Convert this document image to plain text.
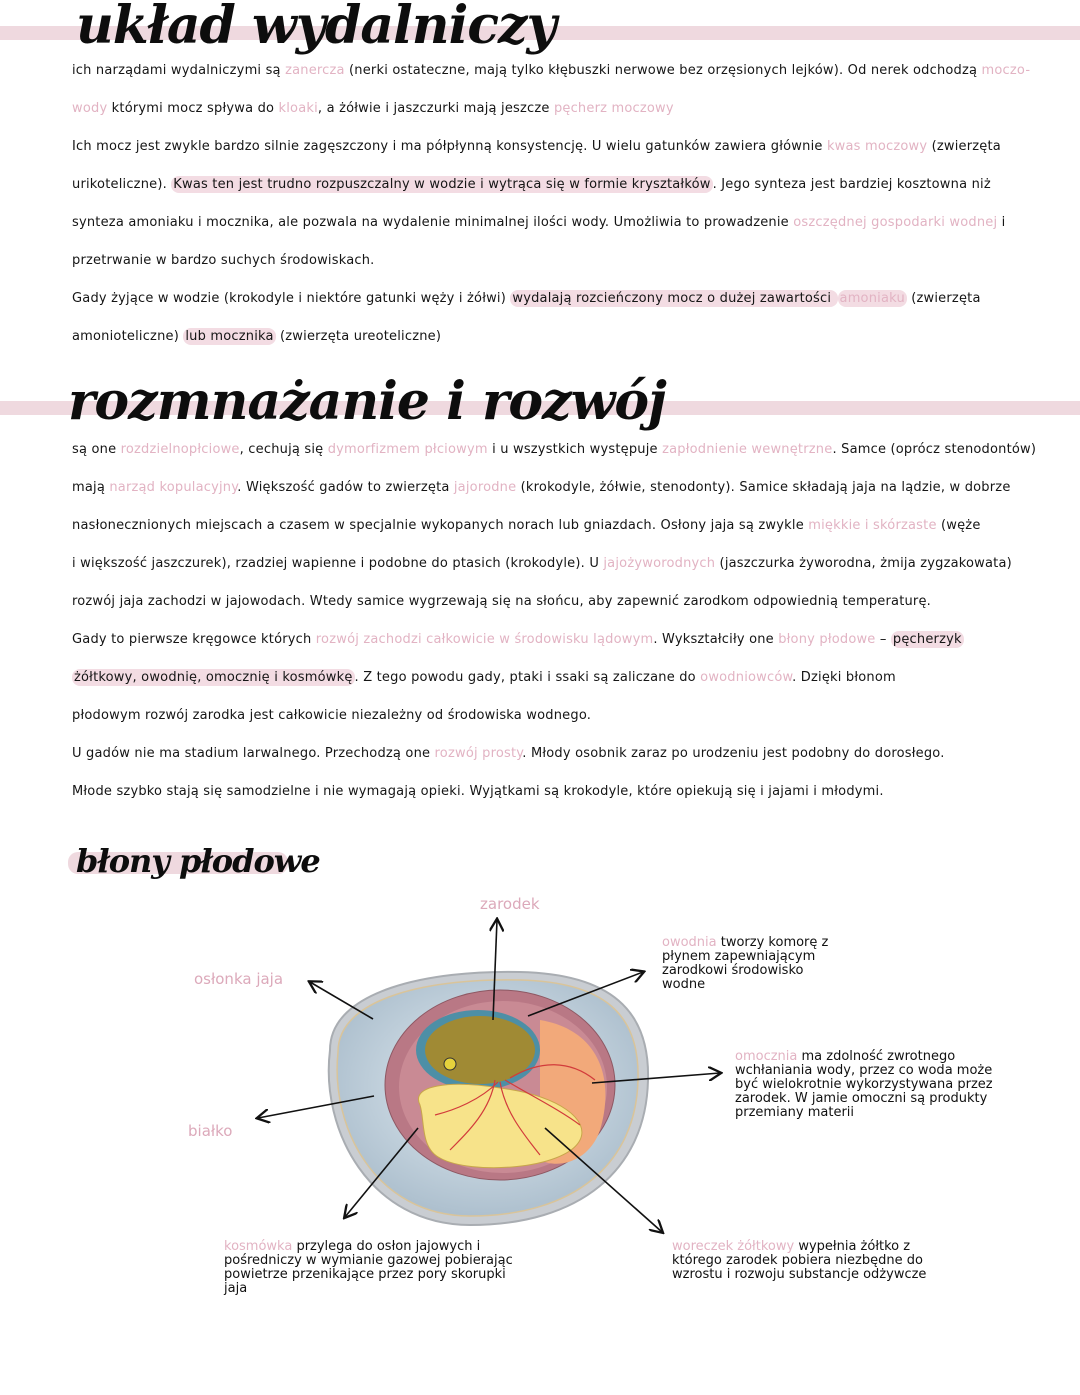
układ wydalniczy

ich narządami wydalniczymi są zanercza (nerki ostateczne, mają tylko kłębuszki nerwowe bez orzęsionych lejków). Od nerek odchodzą moczo-

wody którymi mocz spływa do kloaki, a żółwie i jaszczurki mają jeszcze pęcherz moczowy

Ich mocz jest zwykle bardzo silnie zagęszczony i ma półpłynną konsystencję. U wielu gatunków zawiera głównie kwas moczowy (zwierzęta

urikoteliczne). Kwas ten jest trudno rozpuszczalny w wodzie i wytrąca się w formie kryształków . Jego synteza jest bardziej kosztowna niż

synteza amoniaku i mocznika, ale pozwala na wydalenie minimalnej ilości wody. Umożliwia to prowadzenie oszczędnej gospodarki wodnej i

przetrwanie w bardzo suchych środowiskach.

Gady żyjące w wodzie (krokodyle i niektóre gatunki węży i żółwi) wydalają rozcieńczony mocz o dużej zawartości amoniaku (zwierzęta

amonioteliczne) lub mocznika (zwierzęta ureoteliczne)

rozmnażanie i rozwój

są one rozdzielnopłciowe, cechują się dymorfizmem płciowym i u wszystkich występuje zapłodnienie wewnętrzne. Samce (oprócz stenodontów)

mają narząd kopulacyjny. Większość gadów to zwierzęta jajorodne (krokodyle, żółwie, stenodonty). Samice składają jaja na lądzie, w dobrze

nasłonecznionych miejscach a czasem w specjalnie wykopanych norach lub gniazdach. Osłony jaja są zwykle miękkie i skórzaste (węże

i większość jaszczurek), rzadziej wapienne i podobne do ptasich (krokodyle). U jajożyworodnych (jaszczurka żyworodna, żmija zygzakowata)

rozwój jaja zachodzi w jajowodach. Wtedy samice wygrzewają się na słońcu, aby zapewnić zarodkom odpowiednią temperaturę.

Gady to pierwsze kręgowce których rozwój zachodzi całkowicie w środowisku lądowym. Wykształciły one błony płodowe – pęcherzyk

żółtkowy, owodnię, omocznię i kosmówkę . Z tego powodu gady, ptaki i ssaki są zaliczane do owodniowców. Dzięki błonom

płodowym rozwój zarodka jest całkowicie niezależny od środowiska wodnego.

U gadów nie ma stadium larwalnego. Przechodzą one rozwój prosty. Młody osobnik zaraz po urodzeniu jest podobny do dorosłego.

Młode szybko stają się samodzielne i nie wymagają opieki. Wyjątkami są krokodyle, które opiekują się i jajami i młodymi.

błony płodowe
zarodek
osłonka jaja
białko
owodnia tworzy komorę z płynem zapewniającym zarodkowi środowisko wodne
omocznia ma zdolność zwrotnego wchłaniania wody, przez co woda może być wielokrotnie wykorzystywana przez zarodek. W jamie omoczni są produkty przemiany materii
kosmówka przylega do osłon jajowych i pośredniczy w wymianie gazowej pobierając powietrze przenikające przez pory skorupki jaja
woreczek żółtkowy wypełnia żółtko z którego zarodek pobiera niezbędne do wzrostu i rozwoju substancje odżywcze
